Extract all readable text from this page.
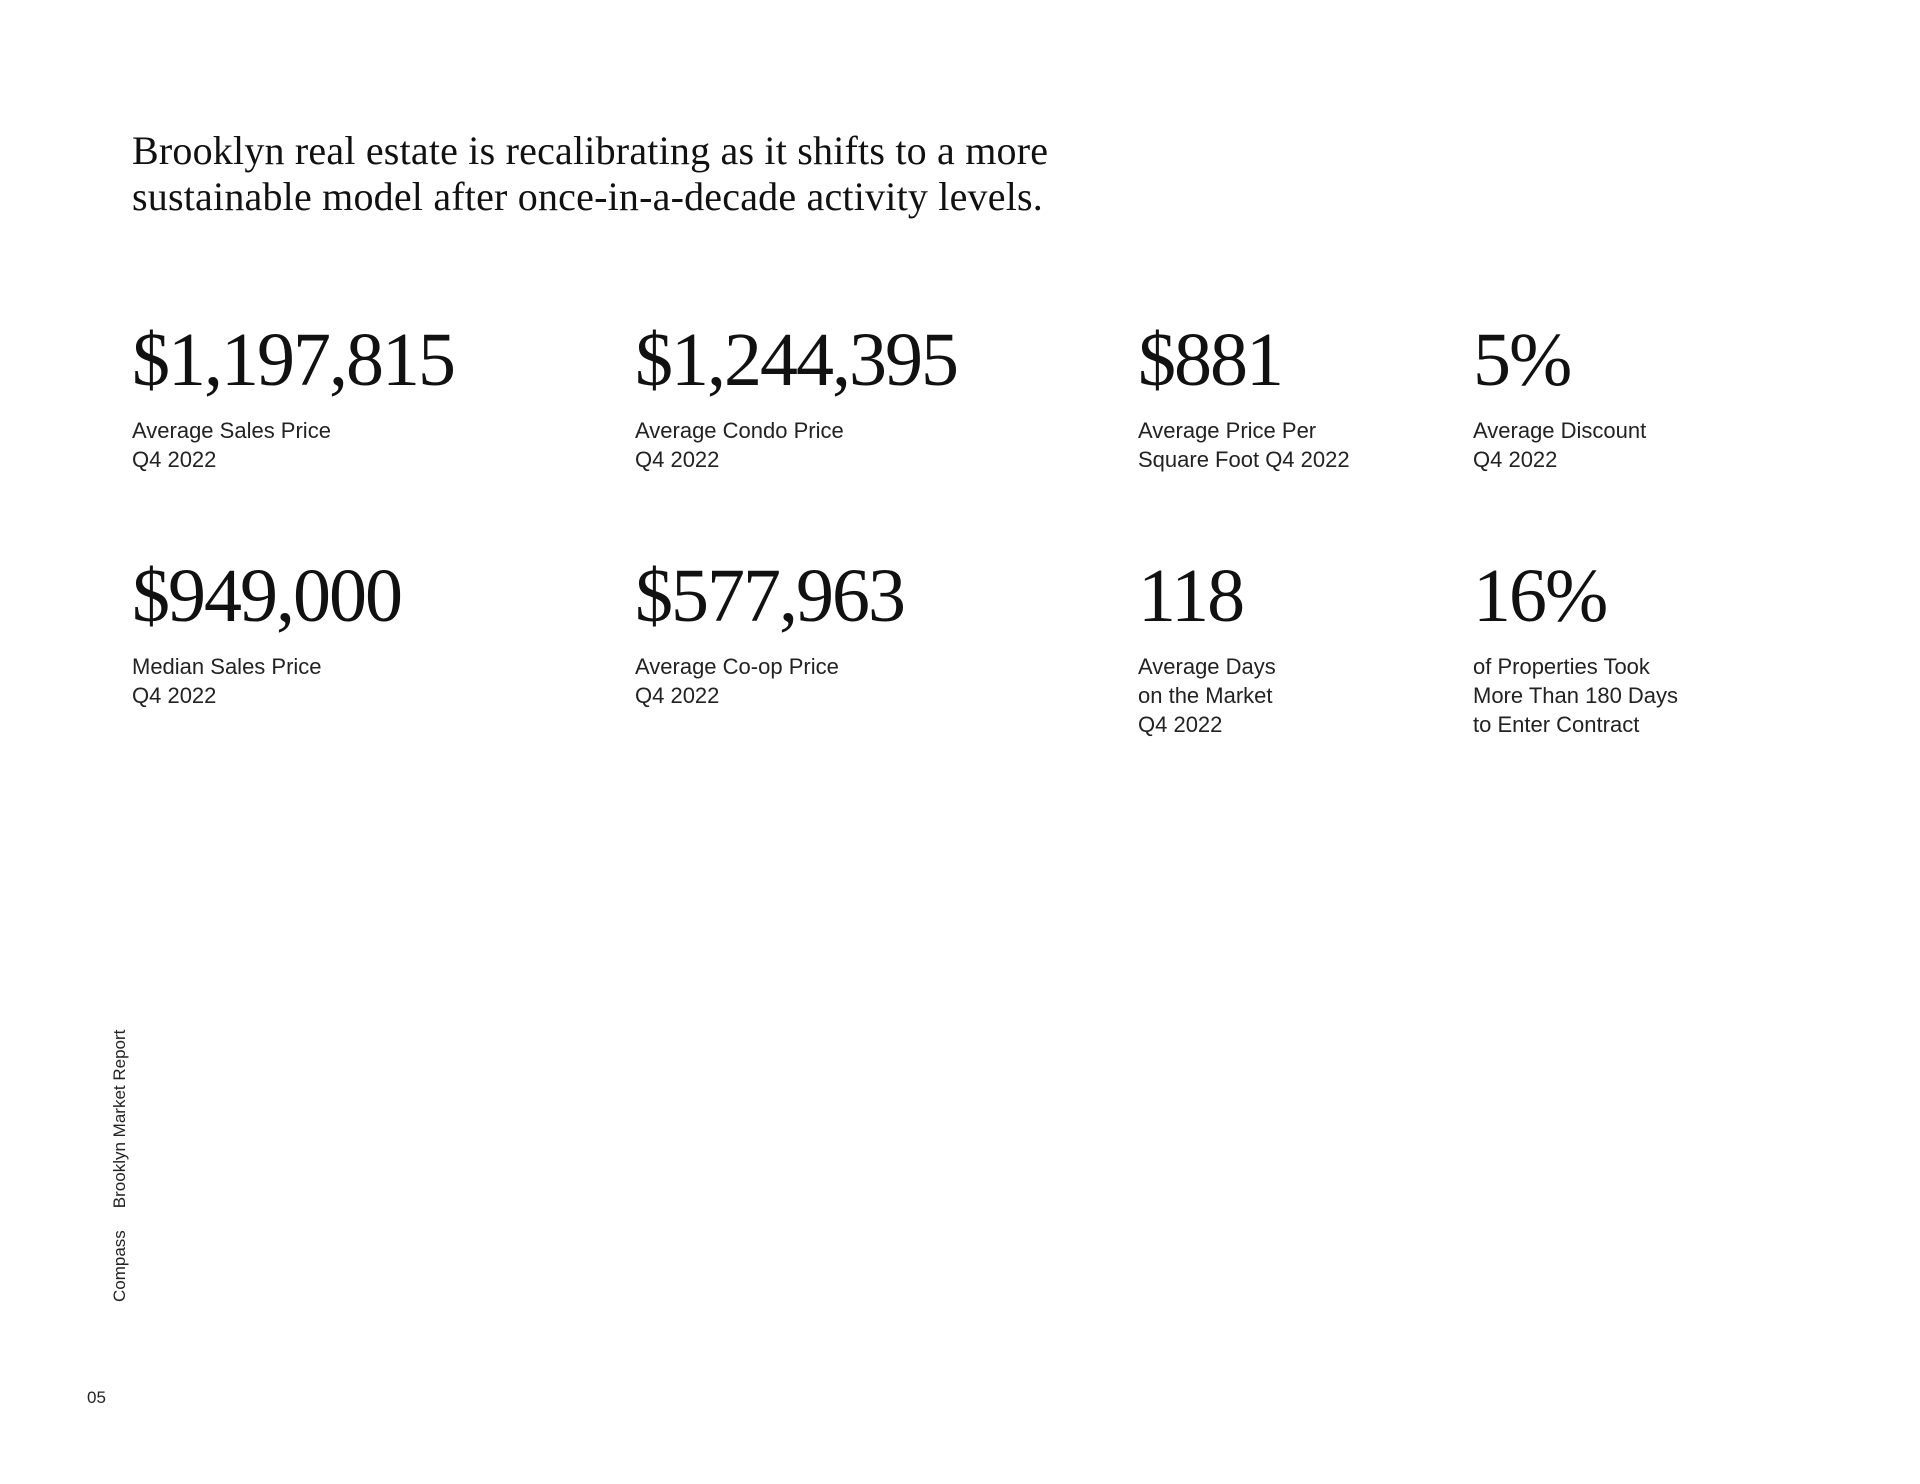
Brooklyn real estate is recalibrating as it shifts to a more
sustainable model after once-in-a-decade activity levels.
$1,197,815
Average Sales Price
Q4 2022
$1,244,395
Average Condo Price
Q4 2022
$881
Average Price Per
Square Foot Q4 2022
5%
Average Discount
Q4 2022
$949,000
Median Sales Price
Q4 2022
$577,963
Average Co-op Price
Q4 2022
118
Average Days
on the Market
Q4 2022
16%
of Properties Took
More Than 180 Days
to Enter Contract
CompassBrooklyn Market Report
05
